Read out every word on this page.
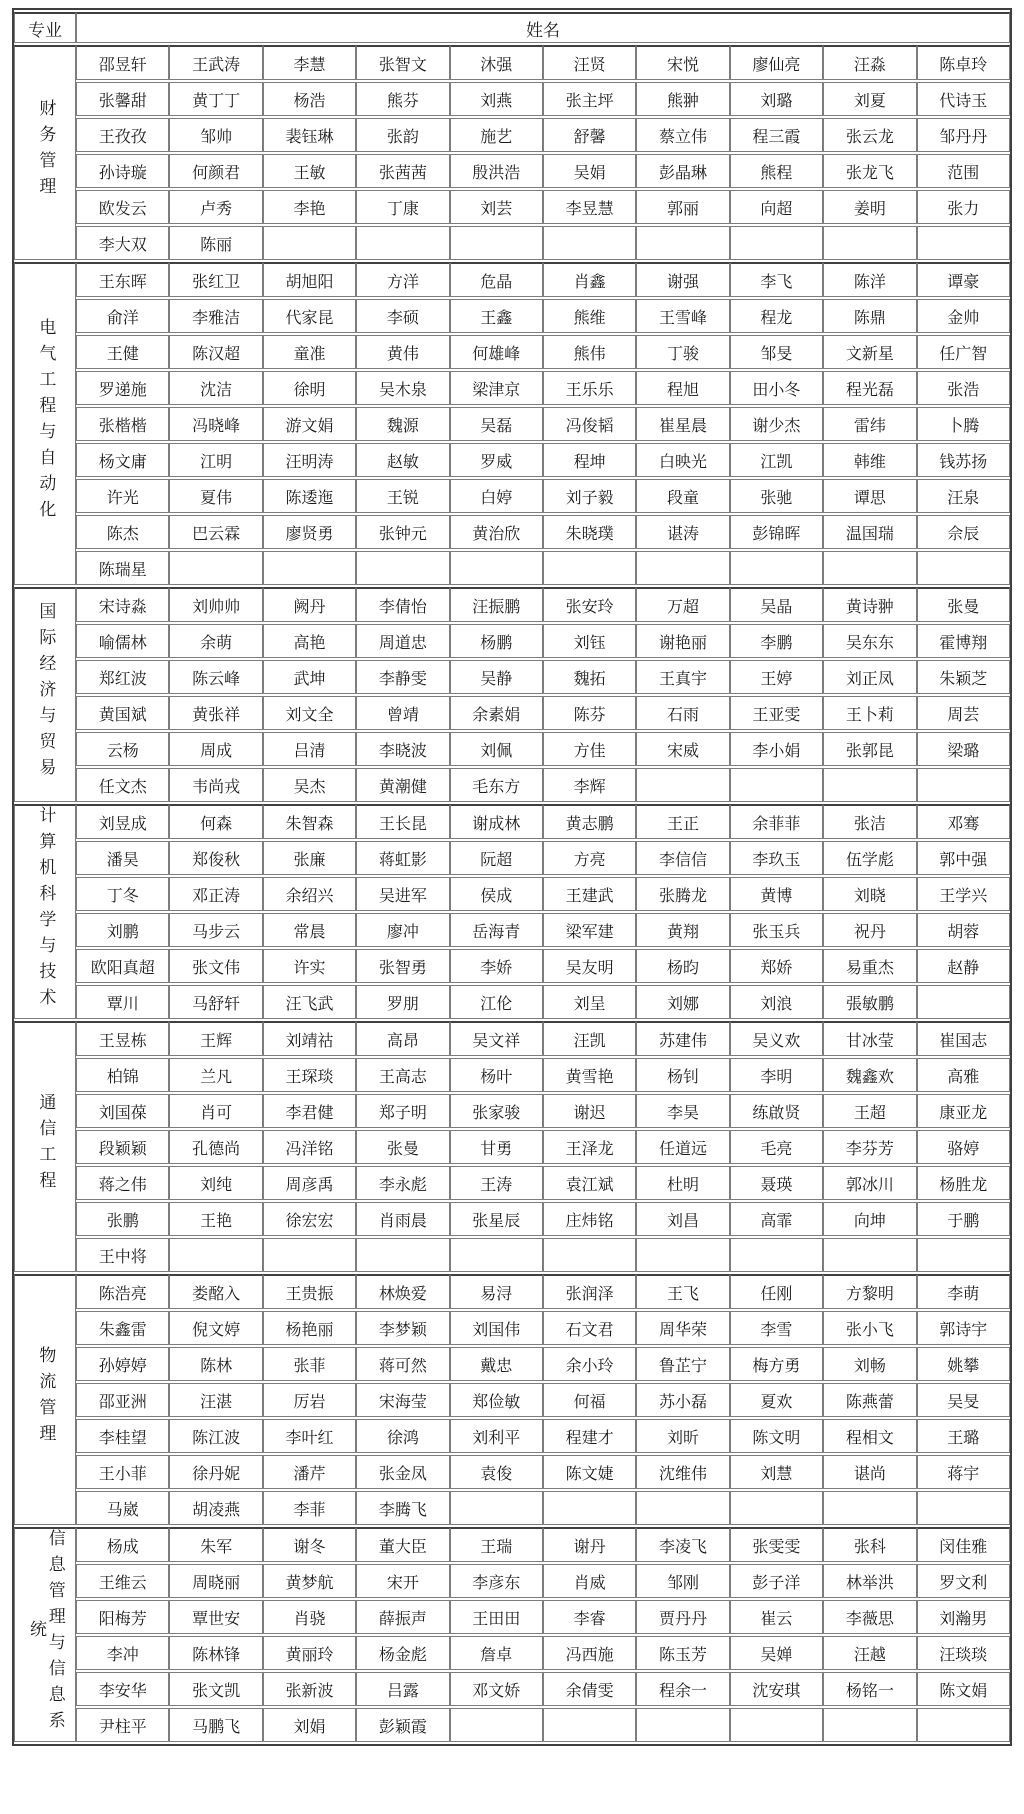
专业	姓名									
财务管理	邵昱轩	王武涛	李慧	张智文	沐强	汪贤	宋悦	廖仙亮	汪淼	陈卓玲
	张馨甜	黄丁丁	杨浩	熊芬	刘燕	张主坪	熊翀	刘璐	刘夏	代诗玉
	王孜孜	邹帅	裴钰琳	张韵	施艺	舒馨	蔡立伟	程三霞	张云龙	邹丹丹
	孙诗璇	何颜君	王敏	张茜茜	殷洪浩	吴娟	彭晶琳	熊程	张龙飞	范围
	欧发云	卢秀	李艳	丁康	刘芸	李昱慧	郭丽	向超	姜明	张力
	李大双	陈丽								
电气工程与自动化	王东晖	张红卫	胡旭阳	方洋	危晶	肖鑫	谢强	李飞	陈洋	谭豪
	俞洋	李雅洁	代家昆	李硕	王鑫	熊维	王雪峰	程龙	陈鼎	金帅
	王健	陈汉超	童准	黄伟	何雄峰	熊伟	丁骏	邹旻	文新星	任广智
	罗递施	沈洁	徐明	吴木泉	梁津京	王乐乐	程旭	田小冬	程光磊	张浩
	张楷楷	冯晓峰	游文娟	魏源	吴磊	冯俊韬	崔星晨	谢少杰	雷纬	卜腾
	杨文庸	江明	汪明涛	赵敏	罗威	程坤	白映光	江凯	韩维	钱苏扬
	许光	夏伟	陈逶迤	王锐	白婷	刘子毅	段童	张驰	谭思	汪泉
	陈杰	巴云霖	廖贤勇	张钟元	黄治欣	朱晓璞	谌涛	彭锦晖	温国瑞	佘辰
	陈瑞星									
国际经济与贸易	宋诗淼	刘帅帅	阙丹	李倩怡	汪振鹏	张安玲	万超	吴晶	黄诗翀	张曼
	喻儒林	余萌	高艳	周道忠	杨鹏	刘钰	谢艳丽	李鹏	吴东东	霍博翔
	郑红波	陈云峰	武坤	李静雯	吴静	魏拓	王真宇	王婷	刘正凤	朱颖芝
	黄国斌	黄张祥	刘文全	曾靖	余素娟	陈芬	石雨	王亚雯	王卜莉	周芸
	云杨	周成	吕清	李晓波	刘佩	方佳	宋威	李小娟	张郭昆	梁璐
	任文杰	韦尚戎	吴杰	黄潮健	毛东方	李辉				
计算机科学与技术	刘昱成	何森	朱智森	王长昆	谢成林	黄志鹏	王正	余菲菲	张洁	邓骞
	潘昊	郑俊秋	张廉	蒋虹影	阮超	方亮	李信信	李玖玉	伍学彪	郭中强
	丁冬	邓正涛	余绍兴	吴进军	侯成	王建武	张腾龙	黄博	刘晓	王学兴
	刘鹏	马步云	常晨	廖冲	岳海青	梁军建	黄翔	张玉兵	祝丹	胡蓉
	欧阳真超	张文伟	许实	张智勇	李娇	吴友明	杨昀	郑娇	易重杰	赵静
	覃川	马舒轩	汪飞武	罗朋	江伦	刘呈	刘娜	刘浪	張敏鹏	
通信工程	王昱栋	王辉	刘靖祜	高昂	吴文祥	汪凯	苏建伟	吴义欢	甘冰莹	崔国志
	柏锦	兰凡	王琛琰	王高志	杨叶	黄雪艳	杨钊	李明	魏鑫欢	高雅
	刘国葆	肖可	李君健	郑子明	张家骏	谢迟	李昊	练啟贤	王超	康亚龙
	段颖颖	孔德尚	冯洋铭	张曼	甘勇	王泽龙	任道远	毛亮	李芬芳	骆婷
	蒋之伟	刘纯	周彦禹	李永彪	王涛	袁江斌	杜明	聂瑛	郭冰川	杨胜龙
	张鹏	王艳	徐宏宏	肖雨晨	张星辰	庄炜铭	刘昌	高霏	向坤	于鹏
	王中将									
物流管理	陈浩亮	娄酩入	王贵振	林焕爱	易浔	张润泽	王飞	任刚	方黎明	李萌
	朱鑫雷	倪文婷	杨艳丽	李梦颖	刘国伟	石文君	周华荣	李雪	张小飞	郭诗宇
	孙婷婷	陈林	张菲	蒋可然	戴忠	余小玲	鲁芷宁	梅方勇	刘畅	姚攀
	邵亚洲	汪湛	厉岩	宋海莹	郑俭敏	何福	苏小磊	夏欢	陈燕蕾	吴旻
	李桂望	陈江波	李叶红	徐鸿	刘利平	程建才	刘昕	陈文明	程相文	王璐
	王小菲	徐丹妮	潘芹	张金凤	袁俊	陈文婕	沈维伟	刘慧	谌尚	蒋宇
	马崴	胡凌燕	李菲	李腾飞						
信息管理与信息系统	杨成	朱军	谢冬	董大臣	王瑞	谢丹	李凌飞	张雯雯	张科	闵佳雅
	王维云	周晓丽	黄梦航	宋开	李彦东	肖威	邹刚	彭子洋	林举洪	罗文利
	阳梅芳	覃世安	肖骁	薛振声	王田田	李睿	贾丹丹	崔云	李薇思	刘瀚男
	李冲	陈林锋	黄丽玲	杨金彪	詹卓	冯西施	陈玉芳	吴婵	汪越	汪琰琰
	李安华	张文凯	张新波	吕露	邓文娇	余倩雯	程余一	沈安琪	杨铭一	陈文娟
	尹柱平	马鹏飞	刘娟	彭颖霞						
